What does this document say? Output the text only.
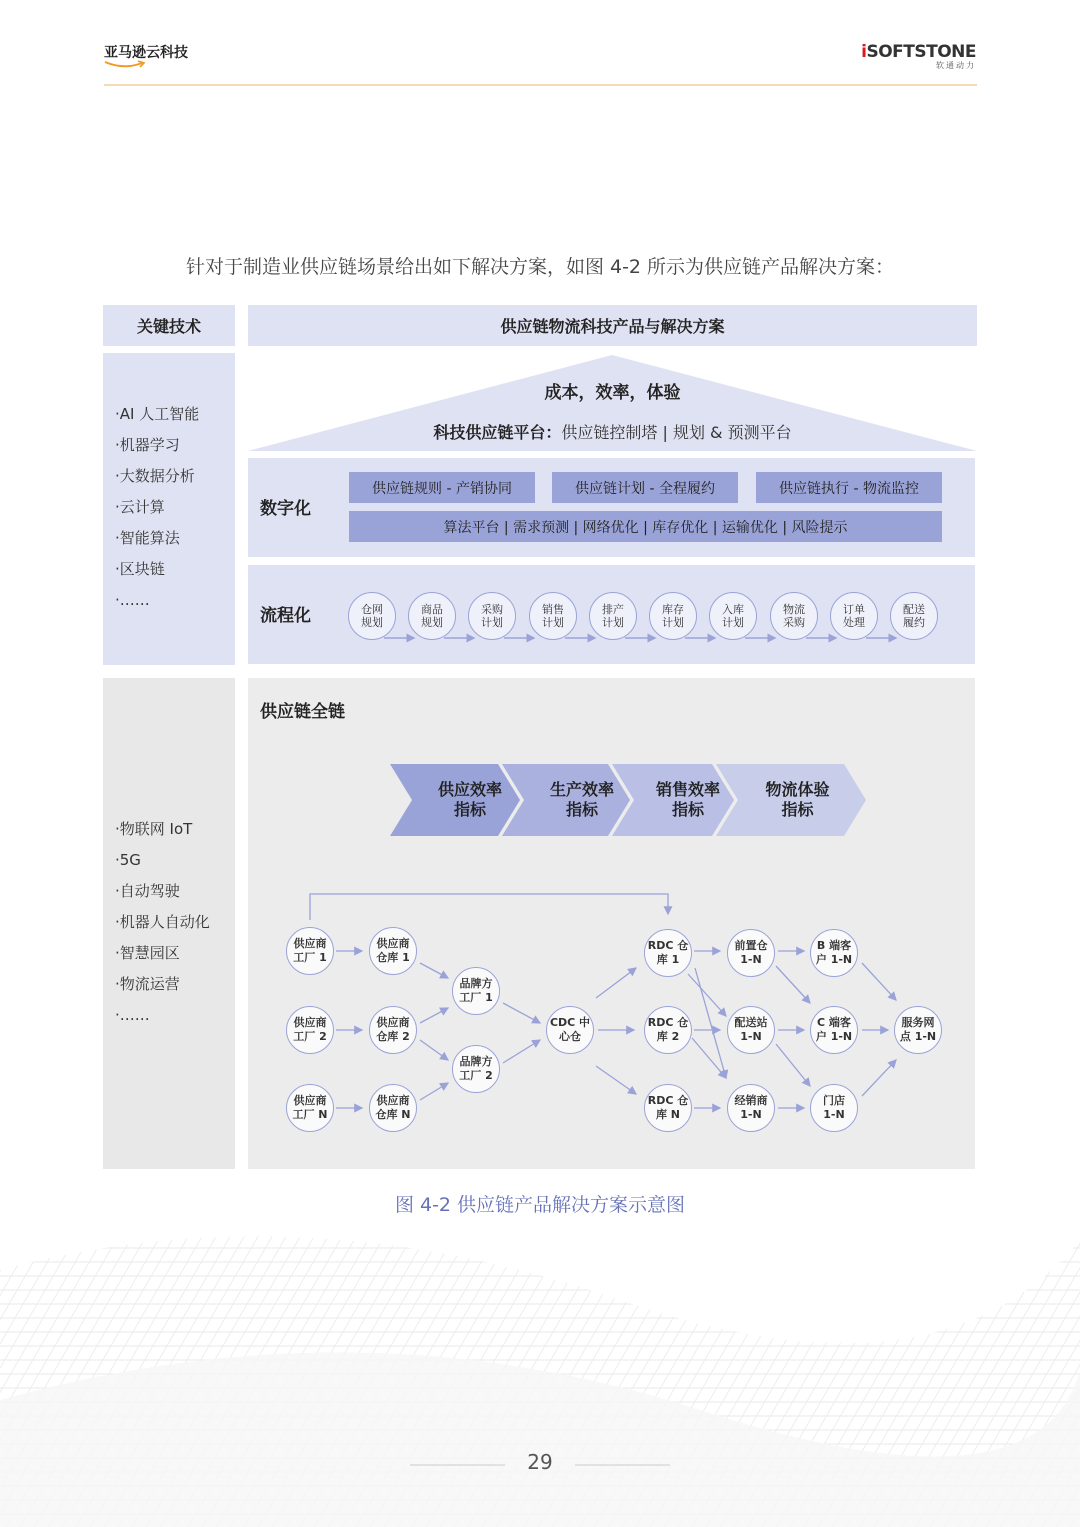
亚马逊云科技	iSOFTSTONE
软通动力
针对于制造业供应链场景给出如下解决方案，如图 4-2 所示为供应链产品解决方案：
关键技术	供应链物流科技产品与解决方案
·AI 人工智能
·机器学习
·大数据分析
·云计算
·智能算法
·区块链
·……
·物联网 IoT
·5G
·自动驾驶
·机器人自动化
·智慧园区
·物流运营
·……
成本，效率，体验
科技供应链平台：供应链控制塔 | 规划 & 预测平台
数字化
供应链规则 - 产销协同	供应链计划 - 全程履约	供应链执行 - 物流监控
算法平台 | 需求预测 | 网络优化 | 库存优化 | 运输优化 | 风险提示
流程化	仓网
规划
商品
规划
采购
计划
销售
计划
排产
计划
库存
计划
入库
计划
物流
采购
订单
处理
配送
履约
供应链全链
供应效率
指标
生产效率
指标
销售效率
指标
物流体验
指标
供应商
工厂 1
供应商
工厂 2
供应商
工厂 N
供应商
仓库 1
供应商
仓库 2
供应商
仓库 N
品牌方
工厂 1
品牌方
工厂 2
CDC 中
心仓
RDC 仓
库 1
RDC 仓
库 2
RDC 仓
库 N
前置仓
1-N
配送站
1-N
经销商
1-N
B 端客
户 1-N
C 端客
户 1-N
门店
1-N
服务网
点 1-N
图 4-2 供应链产品解决方案示意图
29
